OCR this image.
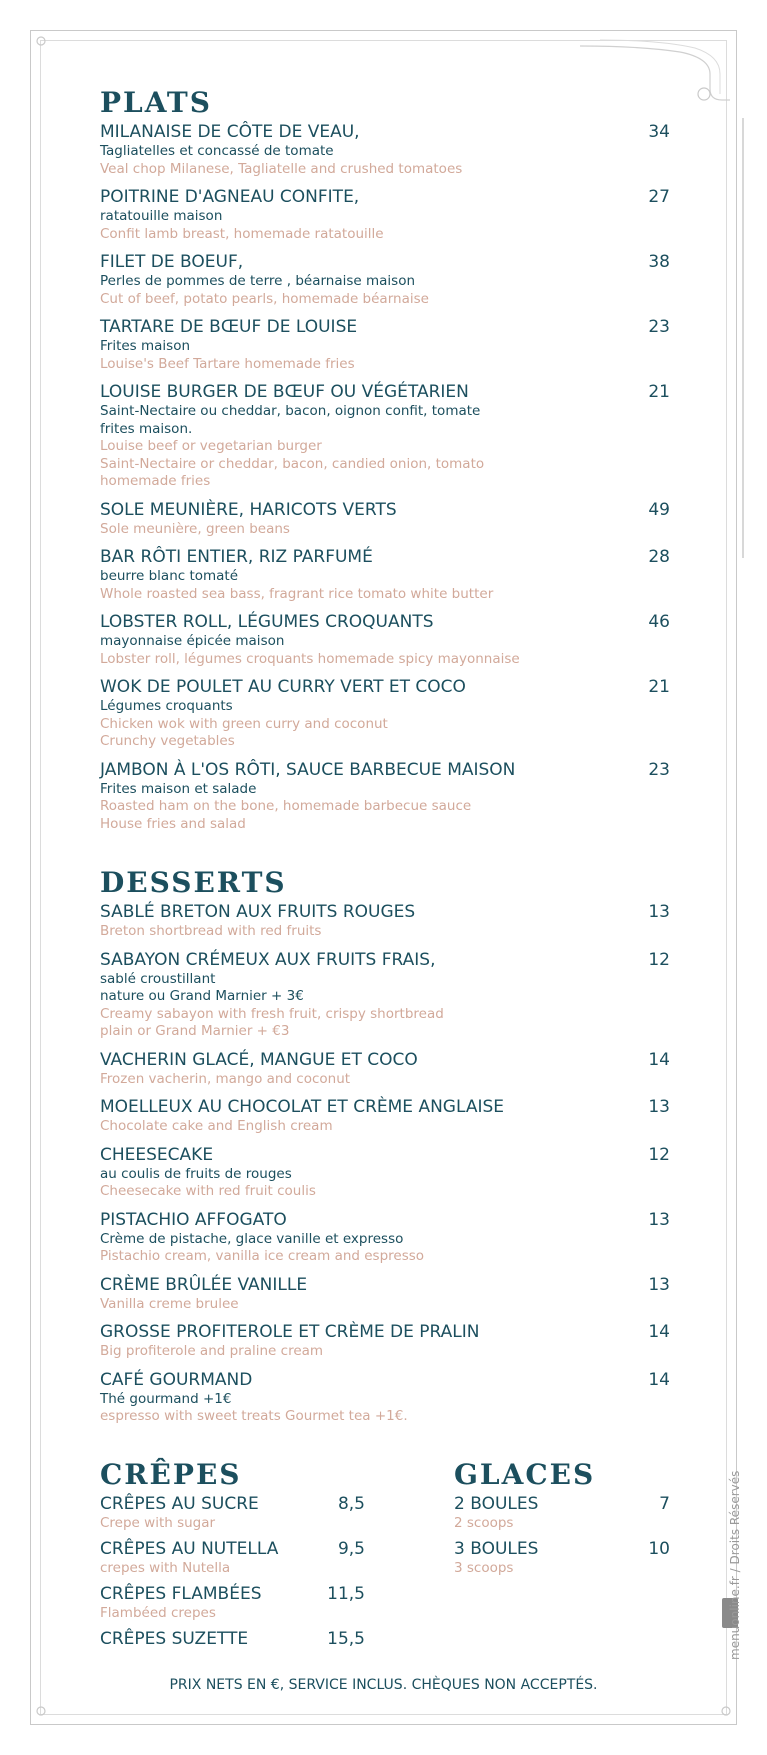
PLATS
MILANAISE DE CÔTE DE VEAU,	34
Tagliatelles et concassé de tomate
Veal chop Milanese, Tagliatelle and crushed tomatoes
POITRINE D'AGNEAU CONFITE,	27
ratatouille maison
Confit lamb breast, homemade ratatouille
FILET DE BOEUF,	38
Perles de pommes de terre , béarnaise maison
Cut of beef, potato pearls, homemade béarnaise
TARTARE DE BŒUF DE LOUISE	23
Frites maison
Louise's Beef Tartare homemade fries
LOUISE BURGER DE BŒUF OU VÉGÉTARIEN	21
Saint-Nectaire ou cheddar, bacon, oignon confit, tomate
frites maison.
Louise beef or vegetarian burger
Saint-Nectaire or cheddar, bacon, candied onion, tomato
homemade fries
SOLE MEUNIÈRE, HARICOTS VERTS	49
Sole meunière, green beans
BAR RÔTI ENTIER, RIZ PARFUMÉ	28
beurre blanc tomaté
Whole roasted sea bass, fragrant rice tomato white butter
LOBSTER ROLL, LÉGUMES CROQUANTS	46
mayonnaise épicée maison
Lobster roll, légumes croquants homemade spicy mayonnaise
WOK DE POULET AU CURRY VERT ET COCO	21
Légumes croquants
Chicken wok with green curry and coconut
Crunchy vegetables
JAMBON À L'OS RÔTI, SAUCE BARBECUE MAISON	23
Frites maison et salade
Roasted ham on the bone, homemade barbecue sauce
House fries and salad
DESSERTS
SABLÉ BRETON AUX FRUITS ROUGES	13
Breton shortbread with red fruits
SABAYON CRÉMEUX AUX FRUITS FRAIS,	12
sablé croustillant
nature ou Grand Marnier + 3€
Creamy sabayon with fresh fruit, crispy shortbread
plain or Grand Marnier + €3
VACHERIN GLACÉ, MANGUE ET COCO	14
Frozen vacherin, mango and coconut
MOELLEUX AU CHOCOLAT ET CRÈME ANGLAISE	13
Chocolate cake and English cream
CHEESECAKE	12
au coulis de fruits de rouges
Cheesecake with red fruit coulis
PISTACHIO AFFOGATO	13
Crème de pistache, glace vanille et expresso
Pistachio cream, vanilla ice cream and espresso
CRÈME BRÛLÉE VANILLE	13
Vanilla creme brulee
GROSSE PROFITEROLE ET CRÈME DE PRALIN	14
Big profiterole and praline cream
CAFÉ GOURMAND	14
Thé gourmand +1€
espresso with sweet treats Gourmet tea +1€.
CRÊPES
CRÊPES AU SUCRE	8,5
Crepe with sugar
CRÊPES AU NUTELLA	9,5
crepes with Nutella
CRÊPES FLAMBÉES	11,5
Flambéed crepes
CRÊPES SUZETTE	15,5
GLACES
2 BOULES	7
2 scoops
3 BOULES	10
3 scoops
PRIX NETS EN €, SERVICE INCLUS. CHÈQUES NON ACCEPTÉS.
menuonline.fr / Droits Réservés
